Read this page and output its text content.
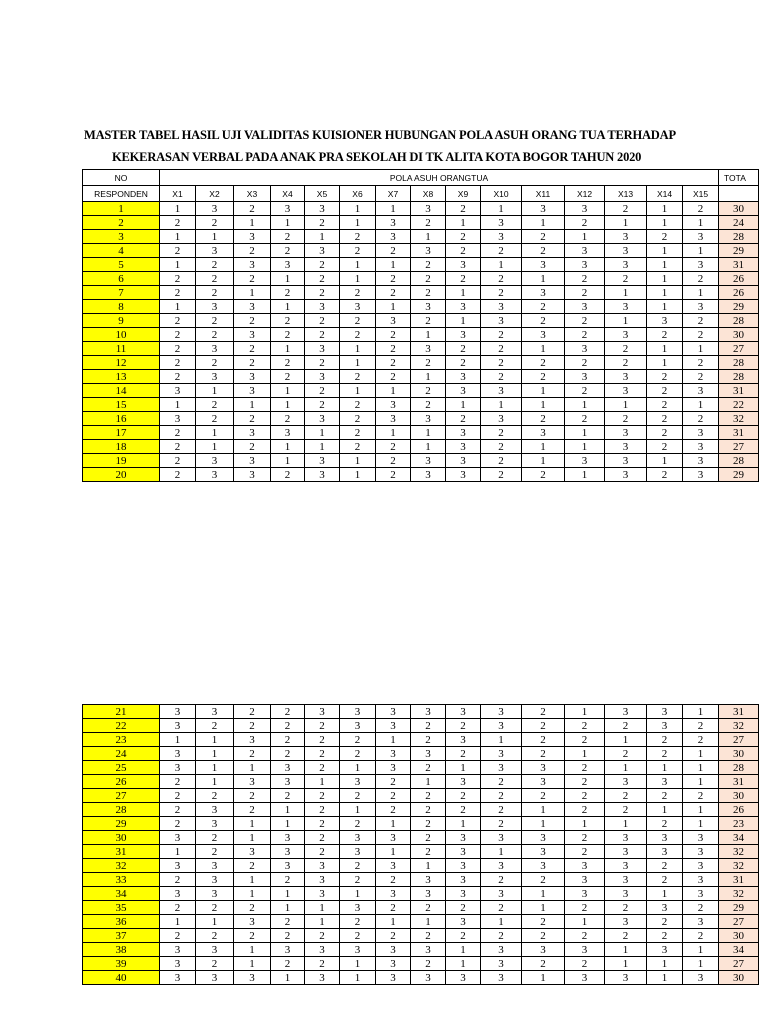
MASTER TABEL HASIL UJI VALIDITAS KUISIONER HUBUNGAN POLA ASUH ORANG TUA TERHADAP
KEKERASAN VERBAL PADA ANAK PRA SEKOLAH DI TK ALITA KOTA BOGOR TAHUN 2020
NO	POLA ASUH ORANGTUA															TOTA
RESPONDEN	X1	X2	X3	X4	X5	X6	X7	X8	X9	X10	X11	X12	X13	X14	X15	
1	1	3	2	3	3	1	1	3	2	1	3	3	2	1	2	30
2	2	2	1	1	2	1	3	2	1	3	1	2	1	1	1	24
3	1	1	3	2	1	2	3	1	2	3	2	1	3	2	3	28
4	2	3	2	2	3	2	2	3	2	2	2	3	3	1	1	29
5	1	2	3	3	2	1	1	2	3	1	3	3	3	1	3	31
6	2	2	2	1	2	1	2	2	2	2	1	2	2	1	2	26
7	2	2	1	2	2	2	2	2	1	2	3	2	1	1	1	26
8	1	3	3	1	3	3	1	3	3	3	2	3	3	1	3	29
9	2	2	2	2	2	2	3	2	1	3	2	2	1	3	2	28
10	2	2	3	2	2	2	2	1	3	2	3	2	3	2	2	30
11	2	3	2	1	3	1	2	3	2	2	1	3	2	1	1	27
12	2	2	2	2	2	1	2	2	2	2	2	2	2	1	2	28
13	2	3	3	2	3	2	2	1	3	2	2	3	3	2	2	28
14	3	1	3	1	2	1	1	2	3	3	1	2	3	2	3	31
15	1	2	1	1	2	2	3	2	1	1	1	1	1	2	1	22
16	3	2	2	2	3	2	3	3	2	3	2	2	2	2	2	32
17	2	1	3	3	1	2	1	1	3	2	3	1	3	2	3	31
18	2	1	2	1	1	2	2	1	3	2	1	1	3	2	3	27
19	2	3	3	1	3	1	2	3	3	2	1	3	3	1	3	28
20	2	3	3	2	3	1	2	3	3	2	2	1	3	2	3	29
21	3	3	2	2	3	3	3	3	3	3	2	1	3	3	1	31
22	3	2	2	2	2	3	3	2	2	3	2	2	2	3	2	32
23	1	1	3	2	2	2	1	2	3	1	2	2	1	2	2	27
24	3	1	2	2	2	2	3	3	2	3	2	1	2	2	1	30
25	3	1	1	3	2	1	3	2	1	3	3	2	1	1	1	28
26	2	1	3	3	1	3	2	1	3	2	3	2	3	3	1	31
27	2	2	2	2	2	2	2	2	2	2	2	2	2	2	2	30
28	2	3	2	1	2	1	2	2	2	2	1	2	2	1	1	26
29	2	3	1	1	2	2	1	2	1	2	1	1	1	2	1	23
30	3	2	1	3	2	3	3	2	3	3	3	2	3	3	3	34
31	1	2	3	3	2	3	1	2	3	1	3	2	3	3	3	32
32	3	3	2	3	3	2	3	1	3	3	3	3	3	2	3	32
33	2	3	1	2	3	2	2	3	3	2	2	3	3	2	3	31
34	3	3	1	1	3	1	3	3	3	3	1	3	3	1	3	32
35	2	2	2	1	1	3	2	2	2	2	1	2	2	3	2	29
36	1	1	3	2	1	2	1	1	3	1	2	1	3	2	3	27
37	2	2	2	2	2	2	2	2	2	2	2	2	2	2	2	30
38	3	3	1	3	3	3	3	3	1	3	3	3	1	3	1	34
39	3	2	1	2	2	1	3	2	1	3	2	2	1	1	1	27
40	3	3	3	1	3	1	3	3	3	3	1	3	3	1	3	30
